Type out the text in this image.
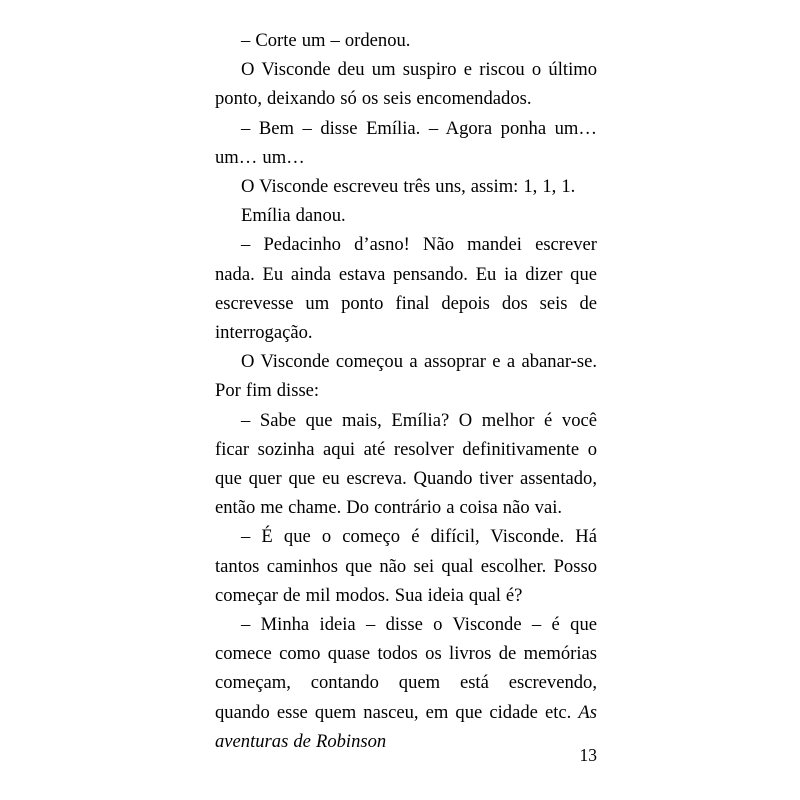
– Corte um – ordenou.

O Visconde deu um suspiro e riscou o último ponto, deixando só os seis encomendados.

– Bem – disse Emília. – Agora ponha um… um… um…

O Visconde escreveu três uns, assim: 1, 1, 1.

Emília danou.

– Pedacinho d’asno! Não mandei escrever nada. Eu ainda estava pensando. Eu ia dizer que escrevesse um ponto final depois dos seis de interrogação.

O Visconde começou a assoprar e a abanar-se. Por fim disse:

– Sabe que mais, Emília? O melhor é você ficar sozinha aqui até resolver definitivamente o que quer que eu escreva. Quando tiver assentado, então me chame. Do contrário a coisa não vai.

– É que o começo é difícil, Visconde. Há tantos caminhos que não sei qual escolher. Posso começar de mil modos. Sua ideia qual é?

– Minha ideia – disse o Visconde – é que comece como quase todos os livros de memórias começam, contando quem está escrevendo, quando esse quem nasceu, em que cidade etc. As aventuras de Robinson

13
